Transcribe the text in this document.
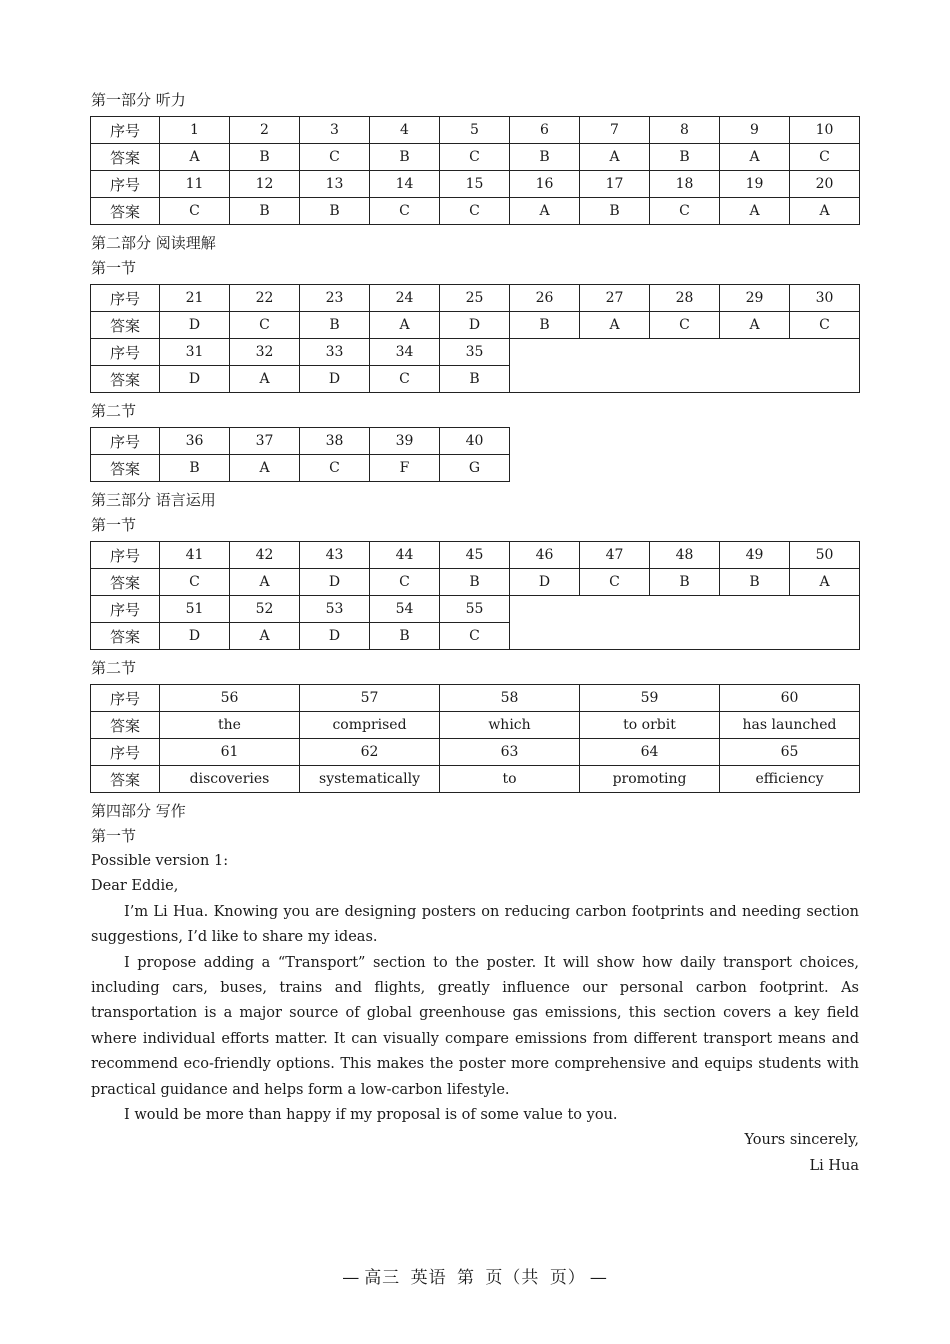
第一部分 听力
序号	1	2	3	4	5	6	7	8	9	10
答案	A	B	C	B	C	B	A	B	A	C
序号	11	12	13	14	15	16	17	18	19	20
答案	C	B	B	C	C	A	B	C	A	A
第二部分 阅读理解
第一节
序号	21	22	23	24	25	26	27	28	29	30
答案	D	C	B	A	D	B	A	C	A	C
序号	31	32	33	34	35					
答案	D	A	D	C	B					
第二节
序号	36	37	38	39	40
答案	B	A	C	F	G
第三部分 语言运用
第一节
序号	41	42	43	44	45	46	47	48	49	50
答案	C	A	D	C	B	D	C	B	B	A
序号	51	52	53	54	55					
答案	D	A	D	B	C					
第二节
序号	56	57	58	59	60
答案	the	comprised	which	to orbit	has launched
序号	61	62	63	64	65
答案	discoveries	systematically	to	promoting	efficiency
第四部分 写作
第一节

Possible version 1:

Dear Eddie,

I’m Li Hua. Knowing you are designing posters on reducing carbon footprints and needing section suggestions, I’d like to share my ideas.

I propose adding a “Transport” section to the poster. It will show how daily transport choices, including cars, buses, trains and flights, greatly influence our personal carbon footprint. As transportation is a major source of global greenhouse gas emissions, this section covers a key field where individual efforts matter. It can visually compare emissions from different transport means and recommend eco-friendly options. This makes the poster more comprehensive and equips students with practical guidance and helps form a low-carbon lifestyle.

I would be more than happy if my proposal is of some value to you.

Yours sincerely,

Li Hua

— 高三 英语 第 页（共 页） —
